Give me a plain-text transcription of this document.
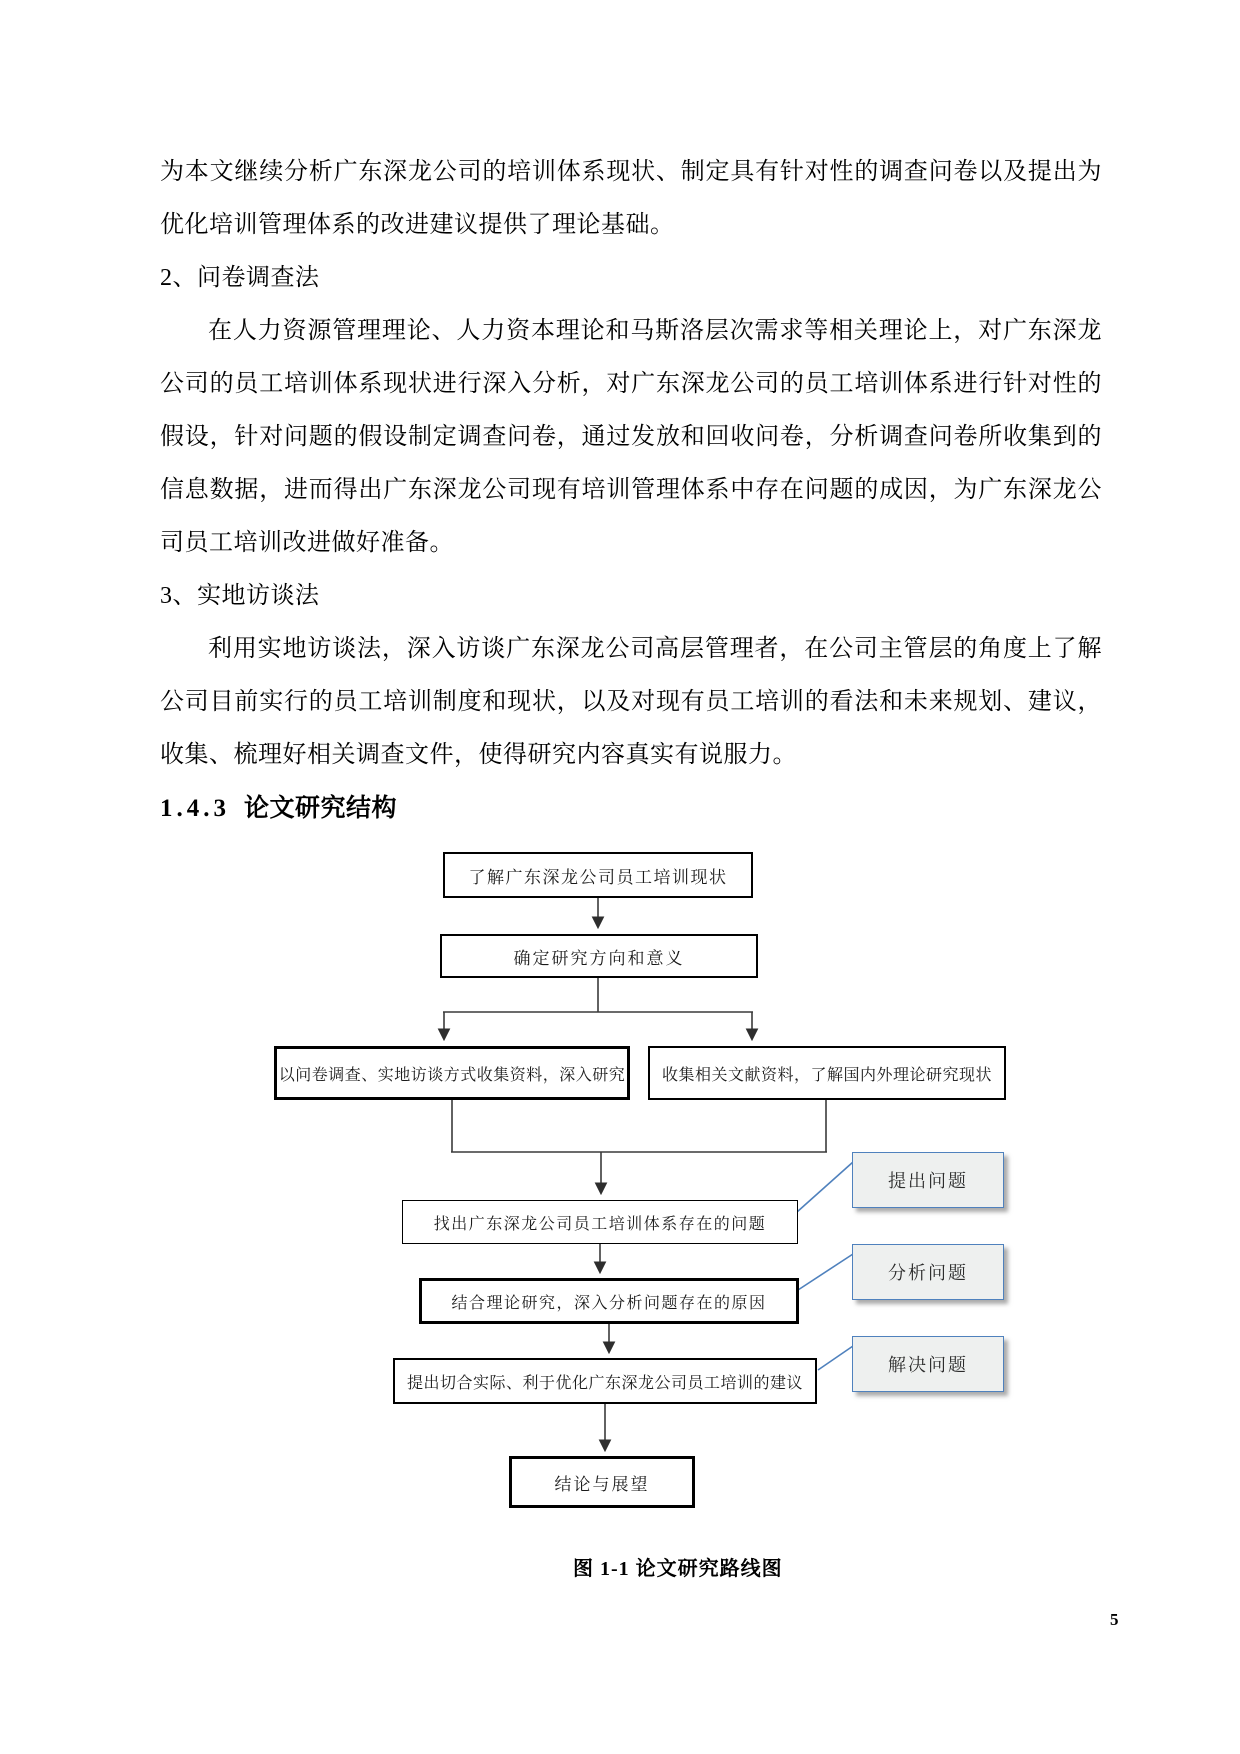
为本文继续分析广东深龙公司的培训体系现状、制定具有针对性的调查问卷以及提出为优化培训管理体系的改进建议提供了理论基础。

2、问卷调查法

在人力资源管理理论、人力资本理论和马斯洛层次需求等相关理论上，对广东深龙公司的员工培训体系现状进行深入分析，对广东深龙公司的员工培训体系进行针对性的假设，针对问题的假设制定调查问卷，通过发放和回收问卷，分析调查问卷所收集到的信息数据，进而得出广东深龙公司现有培训管理体系中存在问题的成因，为广东深龙公司员工培训改进做好准备。

3、实地访谈法

利用实地访谈法，深入访谈广东深龙公司高层管理者，在公司主管层的角度上了解公司目前实行的员工培训制度和现状，以及对现有员工培训的看法和未来规划、建议，收集、梳理好相关调查文件，使得研究内容真实有说服力。

1.4.3 论文研究结构

了解广东深龙公司员工培训现状
确定研究方向和意义
以问卷调查、实地访谈方式收集资料，深入研究	收集相关文献资料，了解国内外理论研究现状
找出广东深龙公司员工培训体系存在的问题
结合理论研究，深入分析问题存在的原因
提出切合实际、利于优化广东深龙公司员工培训的建议
结论与展望
提出问题
分析问题
解决问题
图 1-1 论文研究路线图
5
